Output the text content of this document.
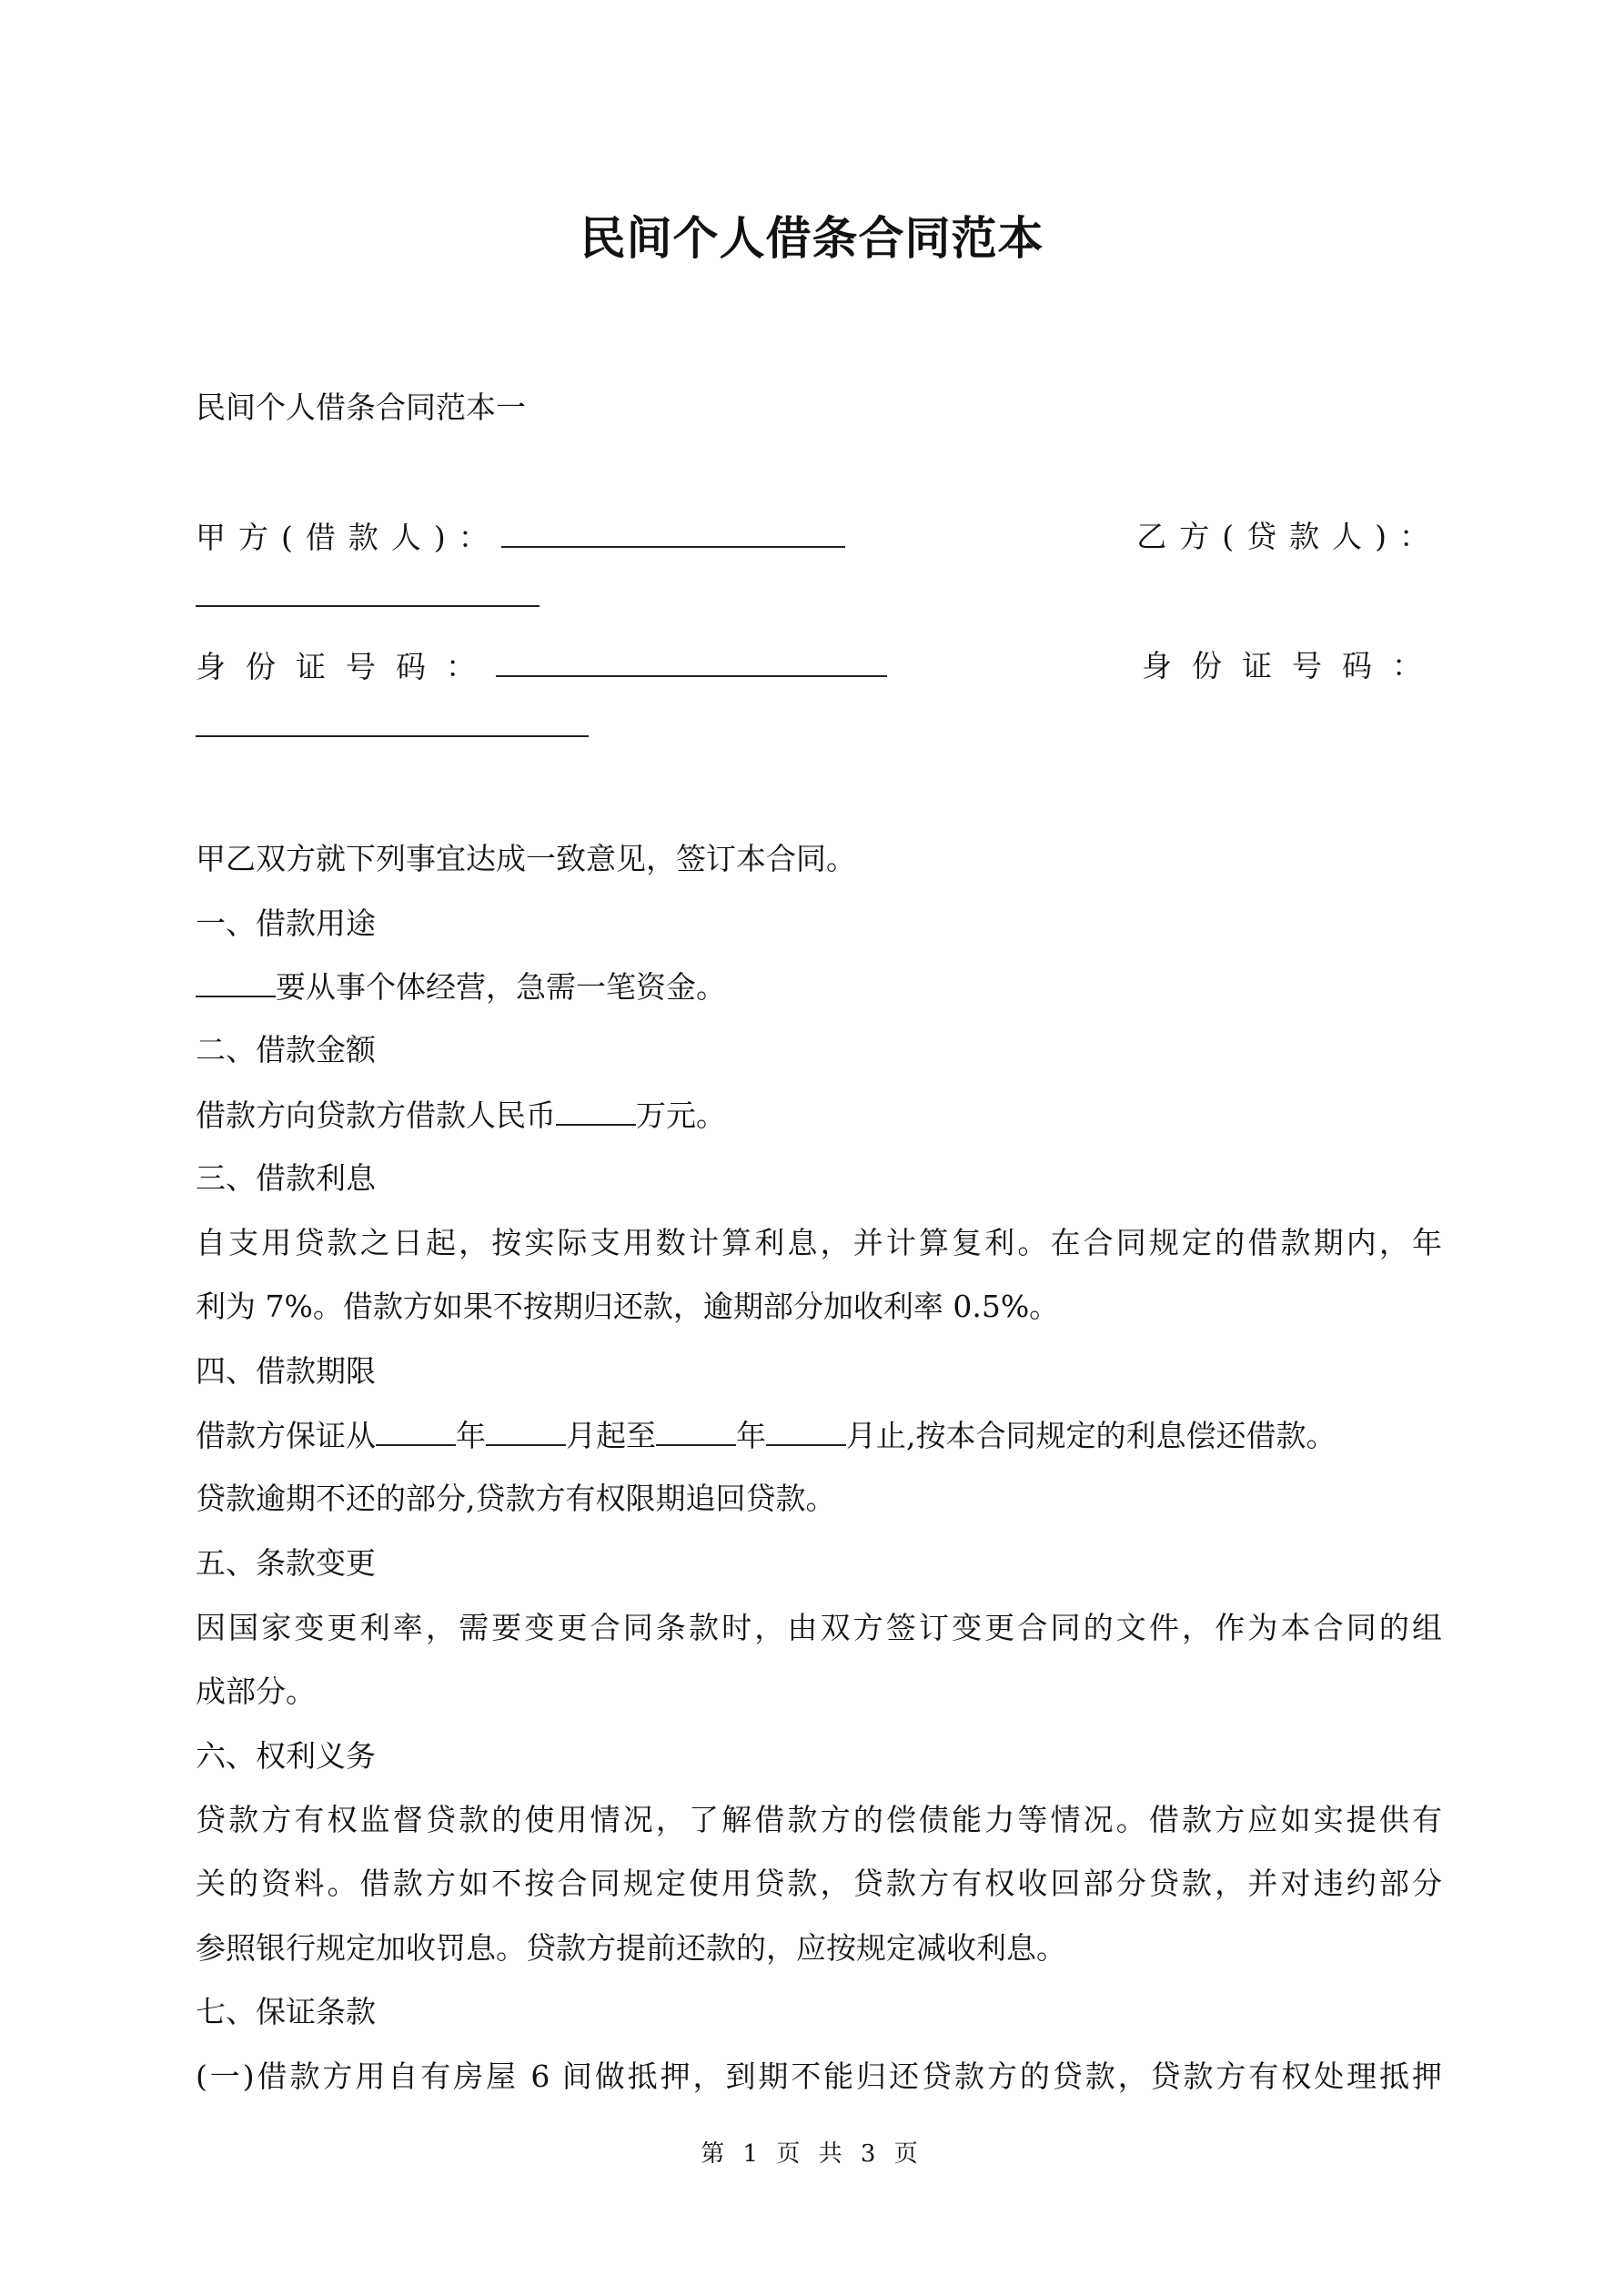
民间个人借条合同范本
民间个人借条合同范本一
甲方(借款人)：	乙方(贷款人)：
身份证号码：	身份证号码：
甲乙双方就下列事宜达成一致意见，签订本合同。
一、借款用途
要从事个体经营，急需一笔资金。
二、借款金额
借款方向贷款方借款人民币	万元。
三、借款利息
自支用贷款之日起，按实际支用数计算利息，并计算复利。在合同规定的借款期内，年
利为 7%。借款方如果不按期归还款，逾期部分加收利率 0.5%。
四、借款期限
借款方保证从	年	月起至	年	月止,按本合同规定的利息偿还借款。
贷款逾期不还的部分,贷款方有权限期追回贷款。
五、条款变更
因国家变更利率，需要变更合同条款时，由双方签订变更合同的文件，作为本合同的组
成部分。
六、权利义务
贷款方有权监督贷款的使用情况，了解借款方的偿债能力等情况。借款方应如实提供有
关的资料。借款方如不按合同规定使用贷款，贷款方有权收回部分贷款，并对违约部分
参照银行规定加收罚息。贷款方提前还款的，应按规定减收利息。
七、保证条款
(一)借款方用自有房屋 6 间做抵押，到期不能归还贷款方的贷款，贷款方有权处理抵押
第 1 页 共 3 页
